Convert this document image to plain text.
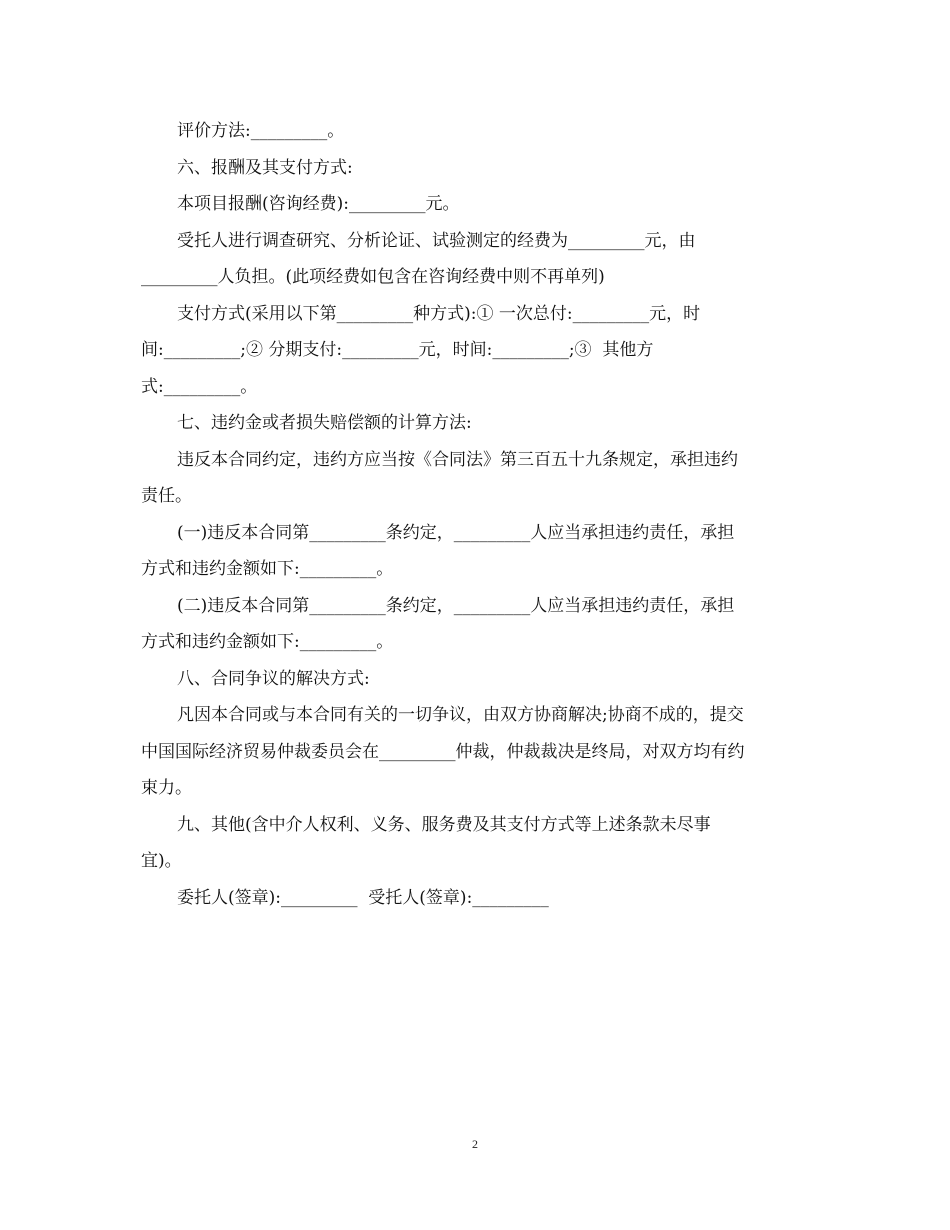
评价方法:_________。

六、报酬及其支付方式:

本项目报酬(咨询经费):_________元。

受托人进行调查研究、分析论证、试验测定的经费为_________元，由

_________人负担。(此项经费如包含在咨询经费中则不再单列)

支付方式(采用以下第_________种方式):① 一次总付:_________元，时

间:_________;② 分期支付:_________元，时间:_________;③  其他方

式:_________。

七、违约金或者损失赔偿额的计算方法:

违反本合同约定，违约方应当按《合同法》第三百五十九条规定，承担违约

责任。

(一)违反本合同第_________条约定，_________人应当承担违约责任，承担

方式和违约金额如下:_________。

(二)违反本合同第_________条约定，_________人应当承担违约责任，承担

方式和违约金额如下:_________。

八、合同争议的解决方式:

凡因本合同或与本合同有关的一切争议，由双方协商解决;协商不成的，提交

中国国际经济贸易仲裁委员会在_________仲裁，仲裁裁决是终局，对双方均有约

束力。

九、其他(含中介人权利、义务、服务费及其支付方式等上述条款未尽事

宜)。

委托人(签章):_________  受托人(签章):_________

2
